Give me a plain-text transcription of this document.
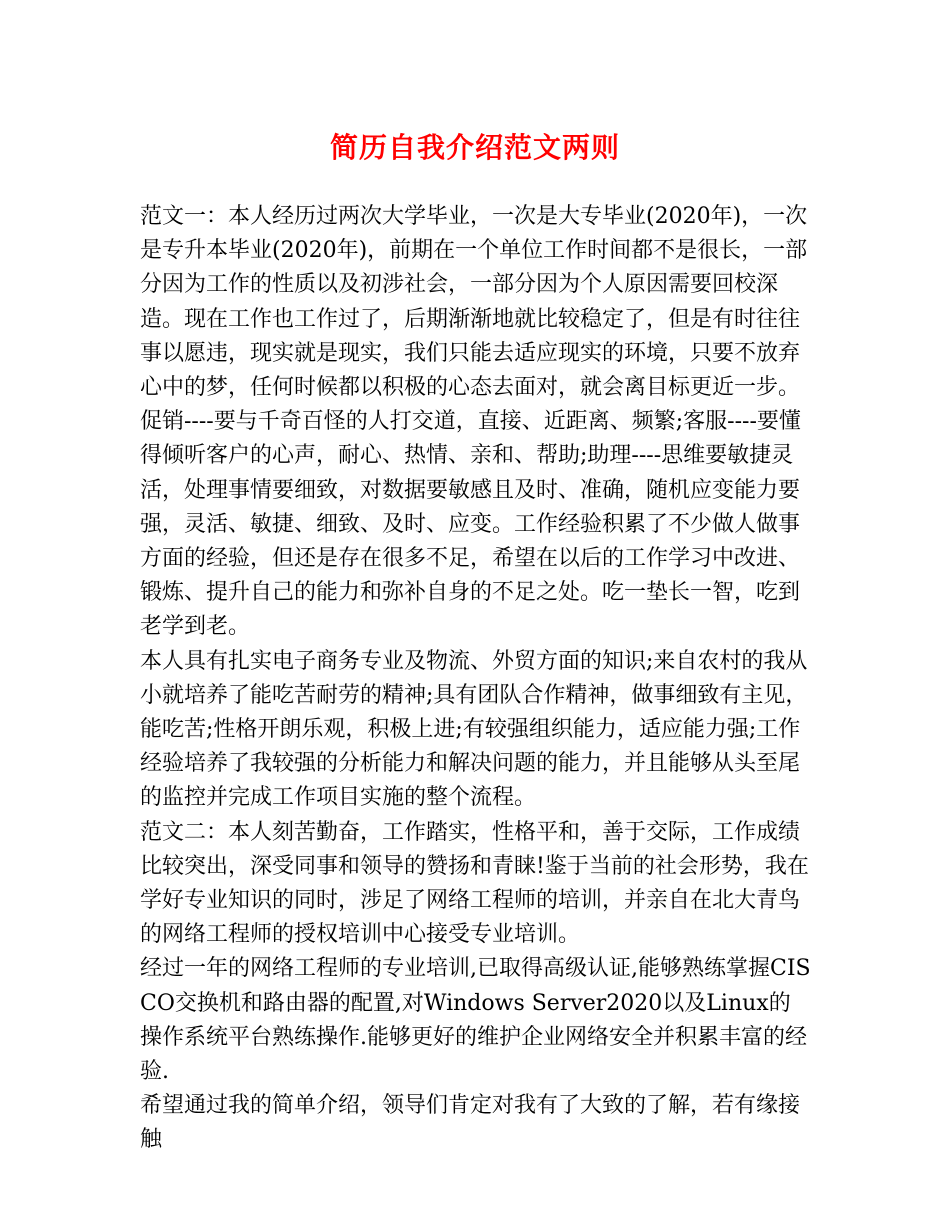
简历自我介绍范文两则

范文一：本人经历过两次大学毕业，一次是大专毕业(2020年)，一次是专升本毕业(2020年)，前期在一个单位工作时间都不是很长，一部分因为工作的性质以及初涉社会，一部分因为个人原因需要回校深造。现在工作也工作过了，后期渐渐地就比较稳定了，但是有时往往事以愿违，现实就是现实，我们只能去适应现实的环境，只要不放弃心中的梦，任何时候都以积极的心态去面对，就会离目标更近一步。促销----要与千奇百怪的人打交道，直接、近距离、频繁;客服----要懂得倾听客户的心声，耐心、热情、亲和、帮助;助理----思维要敏捷灵活，处理事情要细致，对数据要敏感且及时、准确，随机应变能力要强，灵活、敏捷、细致、及时、应变。工作经验积累了不少做人做事方面的经验，但还是存在很多不足，希望在以后的工作学习中改进、锻炼、提升自己的能力和弥补自身的不足之处。吃一垫长一智，吃到老学到老。

本人具有扎实电子商务专业及物流、外贸方面的知识;来自农村的我从小就培养了能吃苦耐劳的精神;具有团队合作精神，做事细致有主见，能吃苦;性格开朗乐观，积极上进;有较强组织能力，适应能力强;工作经验培养了我较强的分析能力和解决问题的能力，并且能够从头至尾的监控并完成工作项目实施的整个流程。

范文二：本人刻苦勤奋，工作踏实，性格平和，善于交际，工作成绩比较突出，深受同事和领导的赞扬和青睐!鉴于当前的社会形势，我在学好专业知识的同时，涉足了网络工程师的培训，并亲自在北大青鸟的网络工程师的授权培训中心接受专业培训。

经过一年的网络工程师的专业培训,已取得高级认证,能够熟练掌握CISCO交换机和路由器的配置,对Windows Server2020以及Linux的操作系统平台熟练操作.能够更好的维护企业网络安全并积累丰富的经验.

希望通过我的简单介绍，领导们肯定对我有了大致的了解，若有缘接触
